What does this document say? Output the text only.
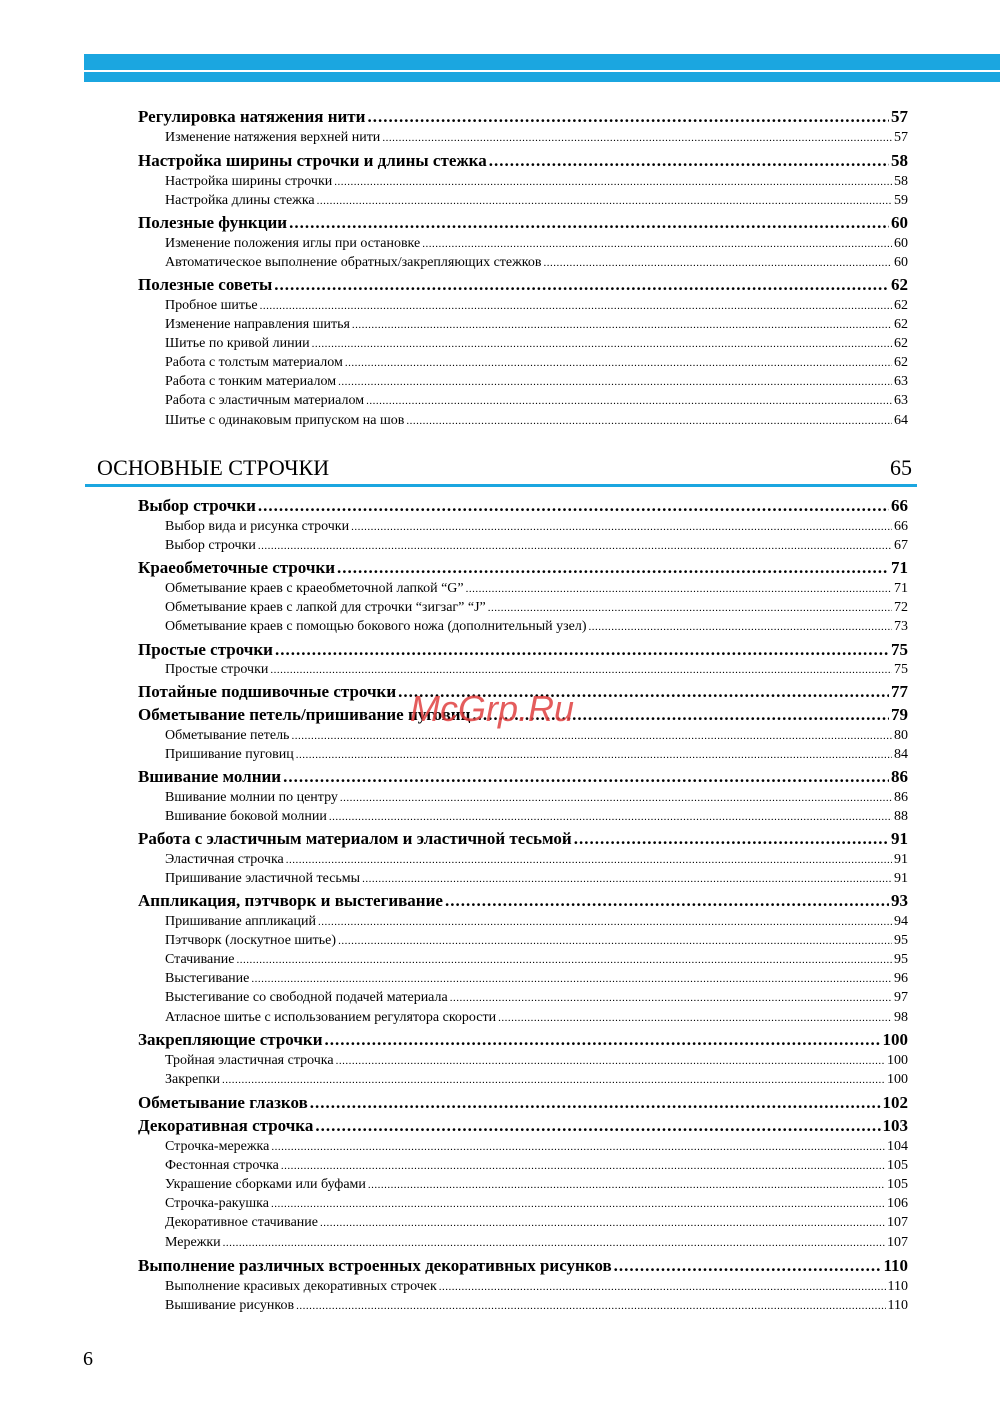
Регулировка натяжения нити .....	57
Изменение натяжения верхней нити .....	57
Настройка ширины строчки и длины стежка .....	58
Настройка ширины строчки .....	58
Настройка длины стежка .....	59
Полезные функции .....	60
Изменение положения иглы при остановке .....	60
Автоматическое выполнение обратных/закрепляющих стежков .....	60
Полезные советы .....	62
Пробное шитье .....	62
Изменение направления шитья .....	62
Шитье по кривой линии .....	62
Работа с толстым материалом .....	62
Работа с тонким материалом .....	63
Работа с эластичным материалом .....	63
Шитье с одинаковым припуском на шов .....	64
Выбор строчки .....	66
Выбор вида и рисунка строчки .....	66
Выбор строчки .....	67
Краеобметочные строчки .....	71
Обметывание краев с краеобметочной лапкой “G” .....	71
Обметывание краев с лапкой для строчки “зигзаг” “J” .....	72
Обметывание краев с помощью бокового ножа (дополнительный узел) .....	73
Простые строчки .....	75
Простые строчки .....	75
Потайные подшивочные строчки .....	77
Обметывание петель/пришивание пуговиц .....	79
Обметывание петель .....	80
Пришивание пуговиц .....	84
Вшивание молнии .....	86
Вшивание молнии по центру .....	86
Вшивание боковой молнии .....	88
Работа с эластичным материалом и эластичной тесьмой .....	91
Эластичная строчка .....	91
Пришивание эластичной тесьмы .....	91
Аппликация, пэтчворк и выстегивание .....	93
Пришивание аппликаций .....	94
Пэтчворк (лоскутное шитье) .....	95
Стачивание .....	95
Выстегивание .....	96
Выстегивание со свободной подачей материала .....	97
Атласное шитье с использованием регулятора скорости .....	98
Закрепляющие строчки .....	100
Тройная эластичная строчка .....	100
Закрепки .....	100
Обметывание глазков .....	102
Декоративная строчка .....	103
Строчка-мережка .....	104
Фестонная строчка .....	105
Украшение сборками или буфами .....	105
Строчка-ракушка .....	106
Декоративное стачивание .....	107
Мережки .....	107
Выполнение различных встроенных декоративных рисунков .....	110
Выполнение красивых декоративных строчек .....	110
Вышивание рисунков .....	110
ОСНОВНЫЕ СТРОЧКИ	65
McGrp.Ru
6
